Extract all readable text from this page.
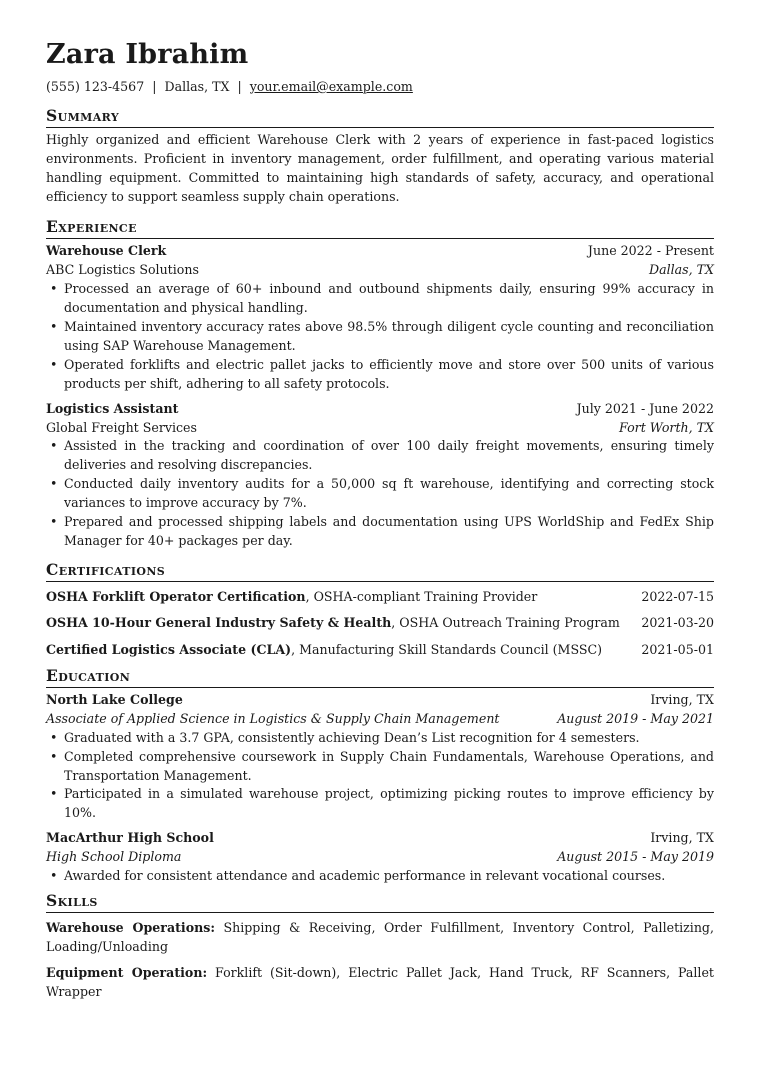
Zara Ibrahim
(555) 123-4567 | Dallas, TX | your.email@example.com
Summary

Highly organized and efficient Warehouse Clerk with 2 years of experience in fast-paced logistics environments. Proficient in inventory management, order fulfillment, and operating various material handling equipment. Committed to maintaining high standards of safety, accuracy, and operational efficiency to support seamless supply chain operations.

Experience
Warehouse Clerk	June 2022 - Present
ABC Logistics Solutions	Dallas, TX
• Processed an average of 60+ inbound and outbound shipments daily, ensuring 99% accuracy in documentation and physical handling.
• Maintained inventory accuracy rates above 98.5% through diligent cycle counting and reconciliation using SAP Warehouse Management.
• Operated forklifts and electric pallet jacks to efficiently move and store over 500 units of various products per shift, adhering to all safety protocols.
Logistics Assistant	July 2021 - June 2022
Global Freight Services	Fort Worth, TX
• Assisted in the tracking and coordination of over 100 daily freight movements, ensuring timely deliveries and resolving discrepancies.
• Conducted daily inventory audits for a 50,000 sq ft warehouse, identifying and correcting stock variances to improve accuracy by 7%.
• Prepared and processed shipping labels and documentation using UPS WorldShip and FedEx Ship Manager for 40+ packages per day.
Certifications
OSHA Forklift Operator Certification, OSHA-compliant Training Provider	2022-07-15
OSHA 10-Hour General Industry Safety & Health, OSHA Outreach Training Program 2021-03-20
Certified Logistics Associate (CLA), Manufacturing Skill Standards Council (MSSC)	2021-05-01
Education
North Lake College	Irving, TX
Associate of Applied Science in Logistics & Supply Chain Management	August 2019 - May 2021
• Graduated with a 3.7 GPA, consistently achieving Dean’s List recognition for 4 semesters.
• Completed comprehensive coursework in Supply Chain Fundamentals, Warehouse Operations, and Transportation Management.
• Participated in a simulated warehouse project, optimizing picking routes to improve efficiency by 10%.
MacArthur High School	Irving, TX
High School Diploma	August 2015 - May 2019
• Awarded for consistent attendance and academic performance in relevant vocational courses.
Skills
Warehouse Operations: Shipping & Receiving, Order Fulfillment, Inventory Control, Palletizing, Loading/Unloading
Equipment Operation: Forklift (Sit-down), Electric Pallet Jack, Hand Truck, RF Scanners, Pallet Wrapper
